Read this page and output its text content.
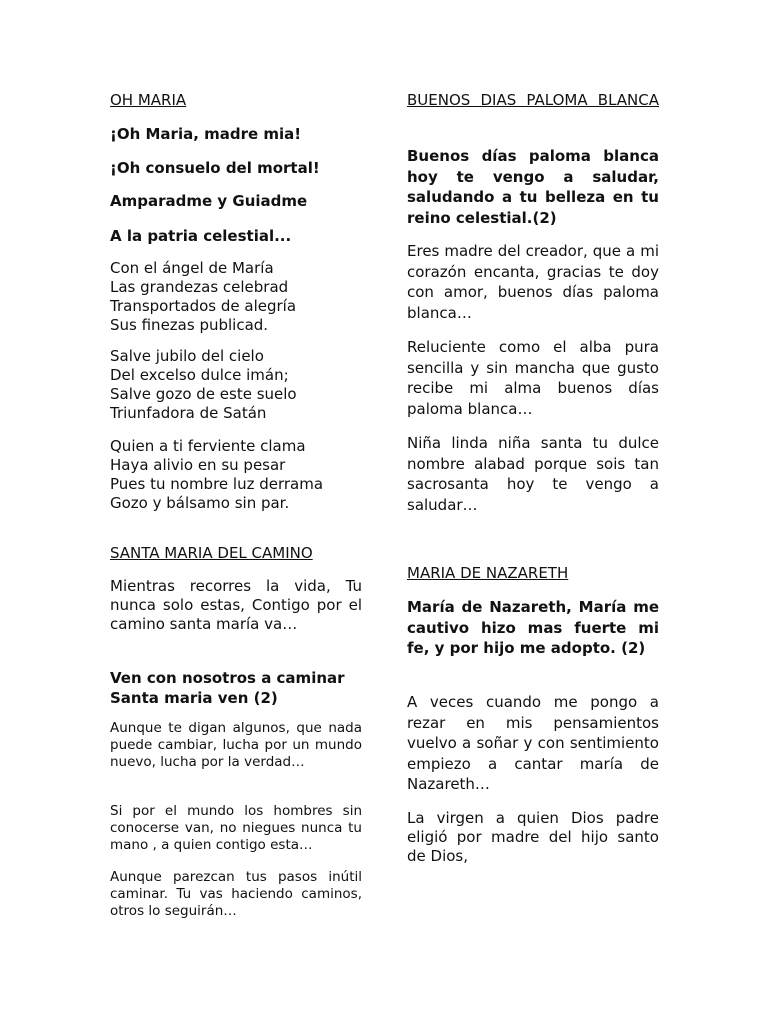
OH MARIA

¡Oh Maria, madre mia!

¡Oh consuelo del mortal!

Amparadme y Guiadme

A la patria celestial...

Con el ángel de María
Las grandezas celebrad
Transportados de alegría
Sus finezas publicad.
Salve jubilo del cielo
Del excelso dulce imán;
Salve gozo de este suelo
Triunfadora de Satán
Quien a ti ferviente clama
Haya alivio en su pesar
Pues tu nombre luz derrama
Gozo y bálsamo sin par.

SANTA MARIA DEL CAMINO

Mientras recorres la vida, Tu nunca solo estas, Contigo por el camino santa maría va…

Ven con nosotros a caminar Santa maria ven (2)

Aunque te digan algunos, que nada puede cambiar, lucha por un mundo nuevo, lucha por la verdad…

Si por el mundo los hombres sin conocerse van, no niegues nunca tu mano , a quien contigo esta…

Aunque parezcan tus pasos inútil caminar. Tu vas haciendo caminos, otros lo seguirán…

BUENOS DIAS PALOMA BLANCA

Buenos días paloma blanca hoy te vengo a saludar, saludando a tu belleza en tu reino celestial.(2)

Eres madre del creador, que a mi corazón encanta, gracias te doy con amor, buenos días paloma blanca…

Reluciente como el alba pura sencilla y sin mancha que gusto recibe mi alma buenos días paloma blanca…

Niña linda niña santa tu dulce nombre alabad porque sois tan sacrosanta hoy te vengo a saludar…

MARIA DE NAZARETH

María de Nazareth, María me cautivo hizo mas fuerte mi fe, y por hijo me adopto. (2)

A veces cuando me pongo a rezar en mis pensamientos vuelvo a soñar y con sentimiento empiezo a cantar maría de Nazareth…

La virgen a quien Dios padre eligió por madre del hijo santo de Dios,
